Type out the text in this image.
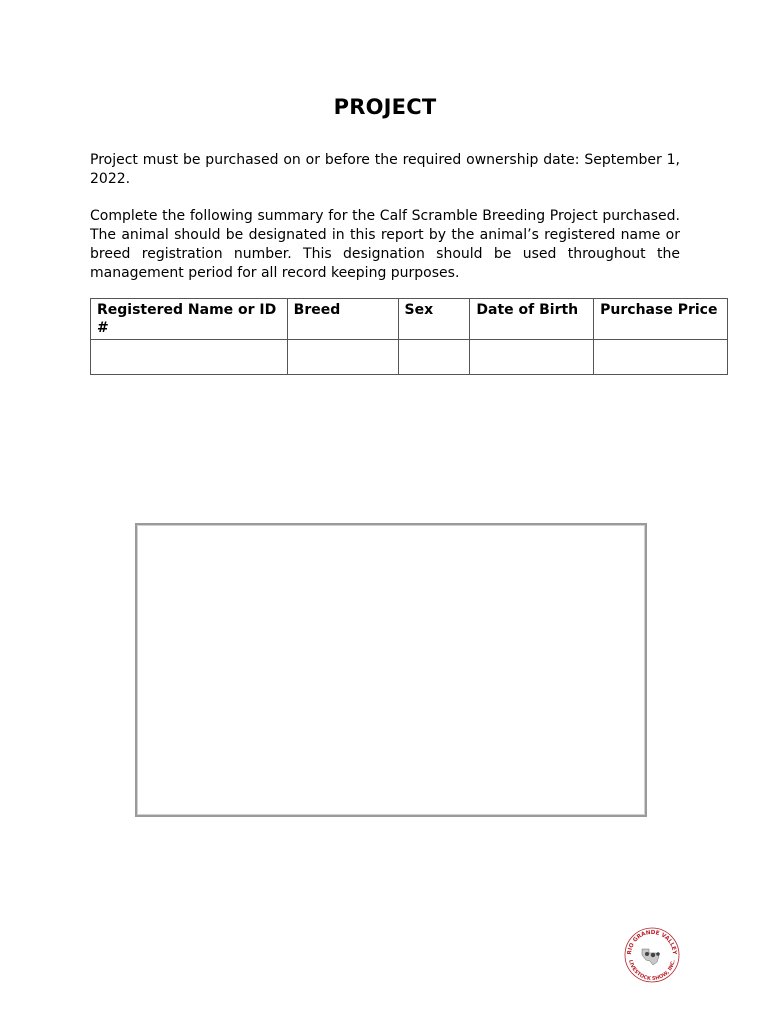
PROJECT
Project must be purchased on or before the required ownership date: September 1, 2022.
Complete the following summary for the Calf Scramble Breeding Project purchased. The animal should be designated in this report by the animal’s registered name or breed registration number. This designation should be used throughout the management period for all record keeping purposes.
Registered Name or ID #	Breed	Sex	Date of Birth	Purchase Price

RIO GRANDE VALLEY
LIVESTOCK SHOW, INC.
